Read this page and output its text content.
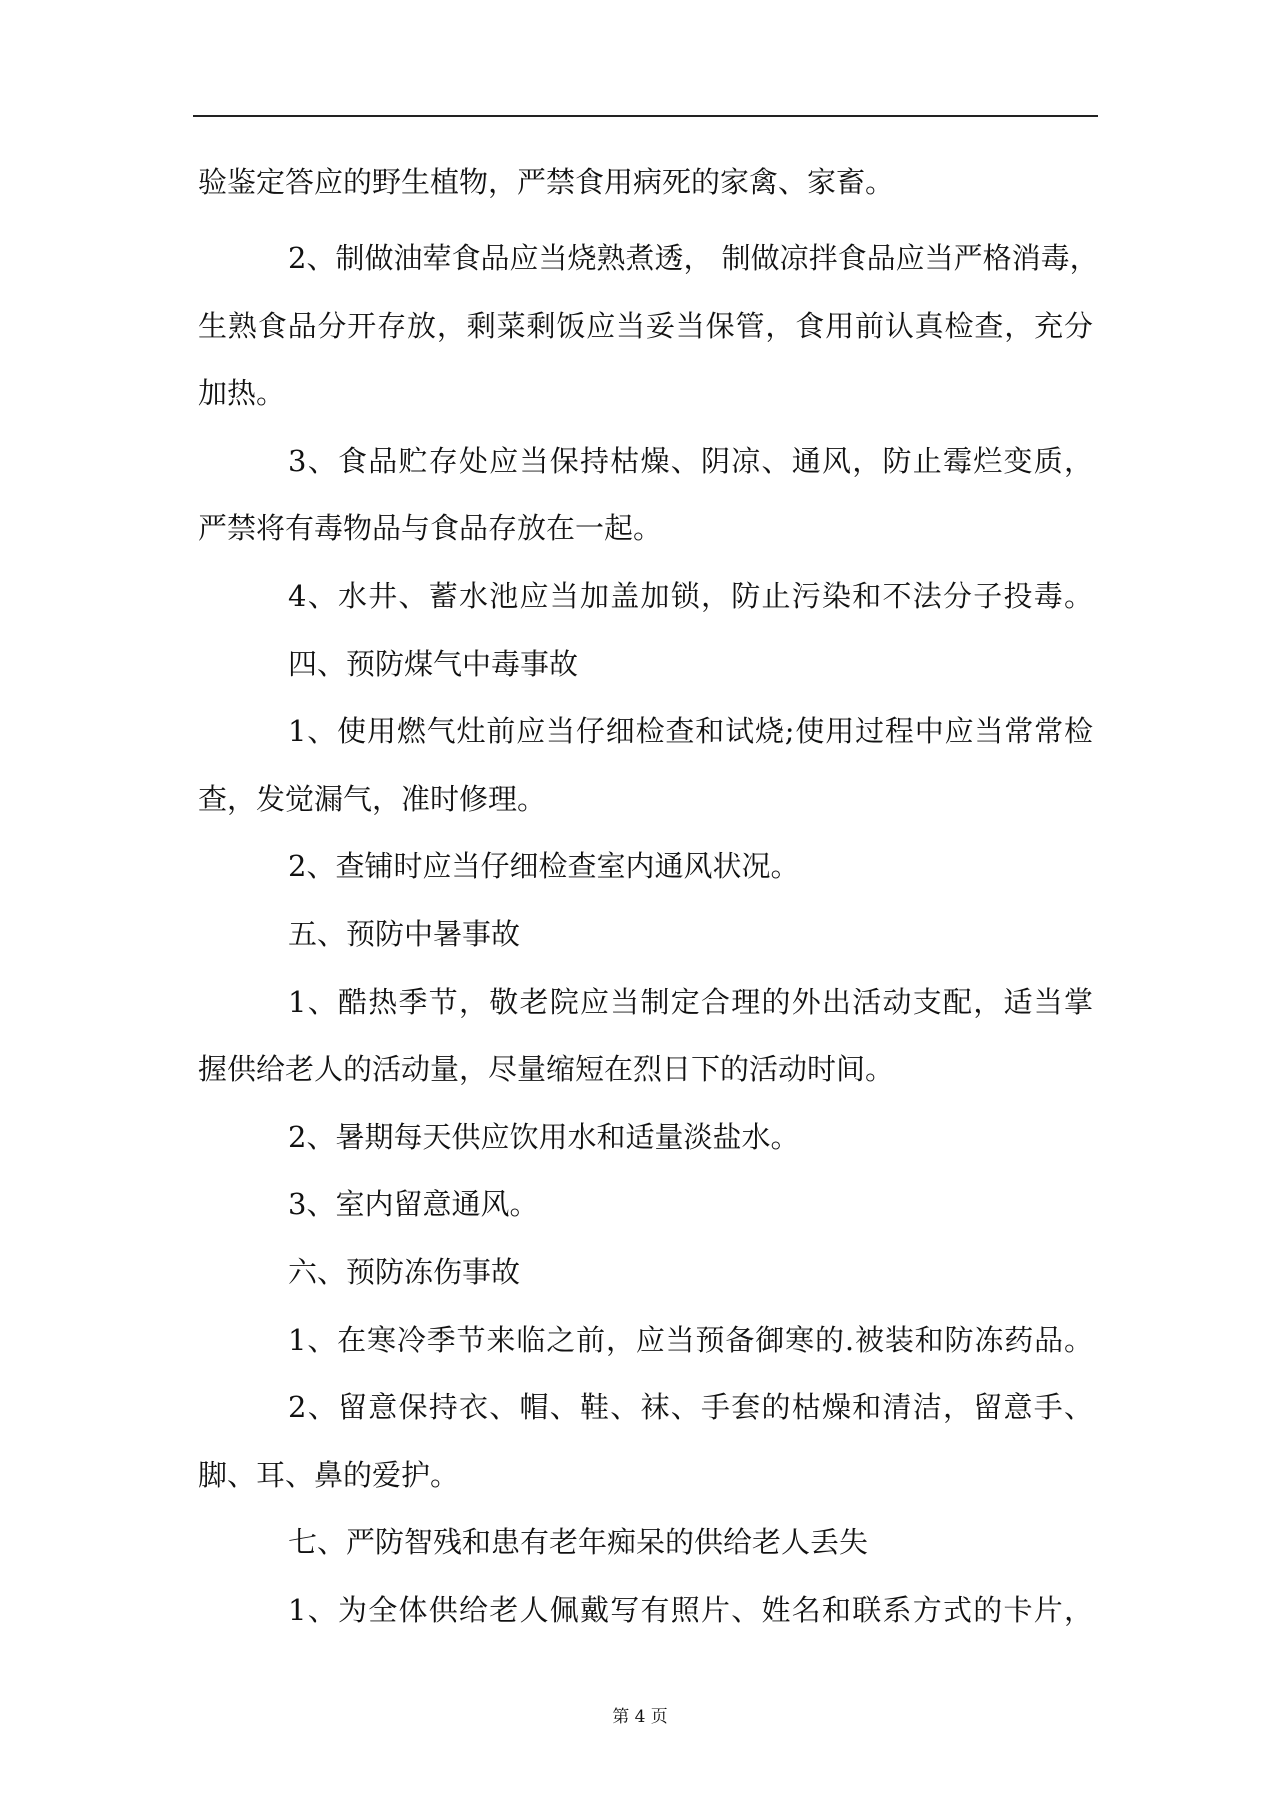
验鉴定答应的野生植物，严禁食用病死的家禽、家畜。
2、制做油荤食品应当烧熟煮透， 制做凉拌食品应当严格消毒，
生熟食品分开存放，剩菜剩饭应当妥当保管，食用前认真检查，充分
加热。
3、食品贮存处应当保持枯燥、阴凉、通风，防止霉烂变质，
严禁将有毒物品与食品存放在一起。
4、水井、蓄水池应当加盖加锁，防止污染和不法分子投毒。
四、预防煤气中毒事故
1、使用燃气灶前应当仔细检查和试烧;使用过程中应当常常检
查，发觉漏气，准时修理。
2、查铺时应当仔细检查室内通风状况。
五、预防中暑事故
1、酷热季节，敬老院应当制定合理的外出活动支配，适当掌
握供给老人的活动量，尽量缩短在烈日下的活动时间。
2、暑期每天供应饮用水和适量淡盐水。
3、室内留意通风。
六、预防冻伤事故
1、在寒冷季节来临之前，应当预备御寒的.被装和防冻药品。
2、留意保持衣、帽、鞋、袜、手套的枯燥和清洁，留意手、
脚、耳、鼻的爱护。
七、严防智残和患有老年痴呆的供给老人丢失
1、为全体供给老人佩戴写有照片、姓名和联系方式的卡片，
第 4 页
